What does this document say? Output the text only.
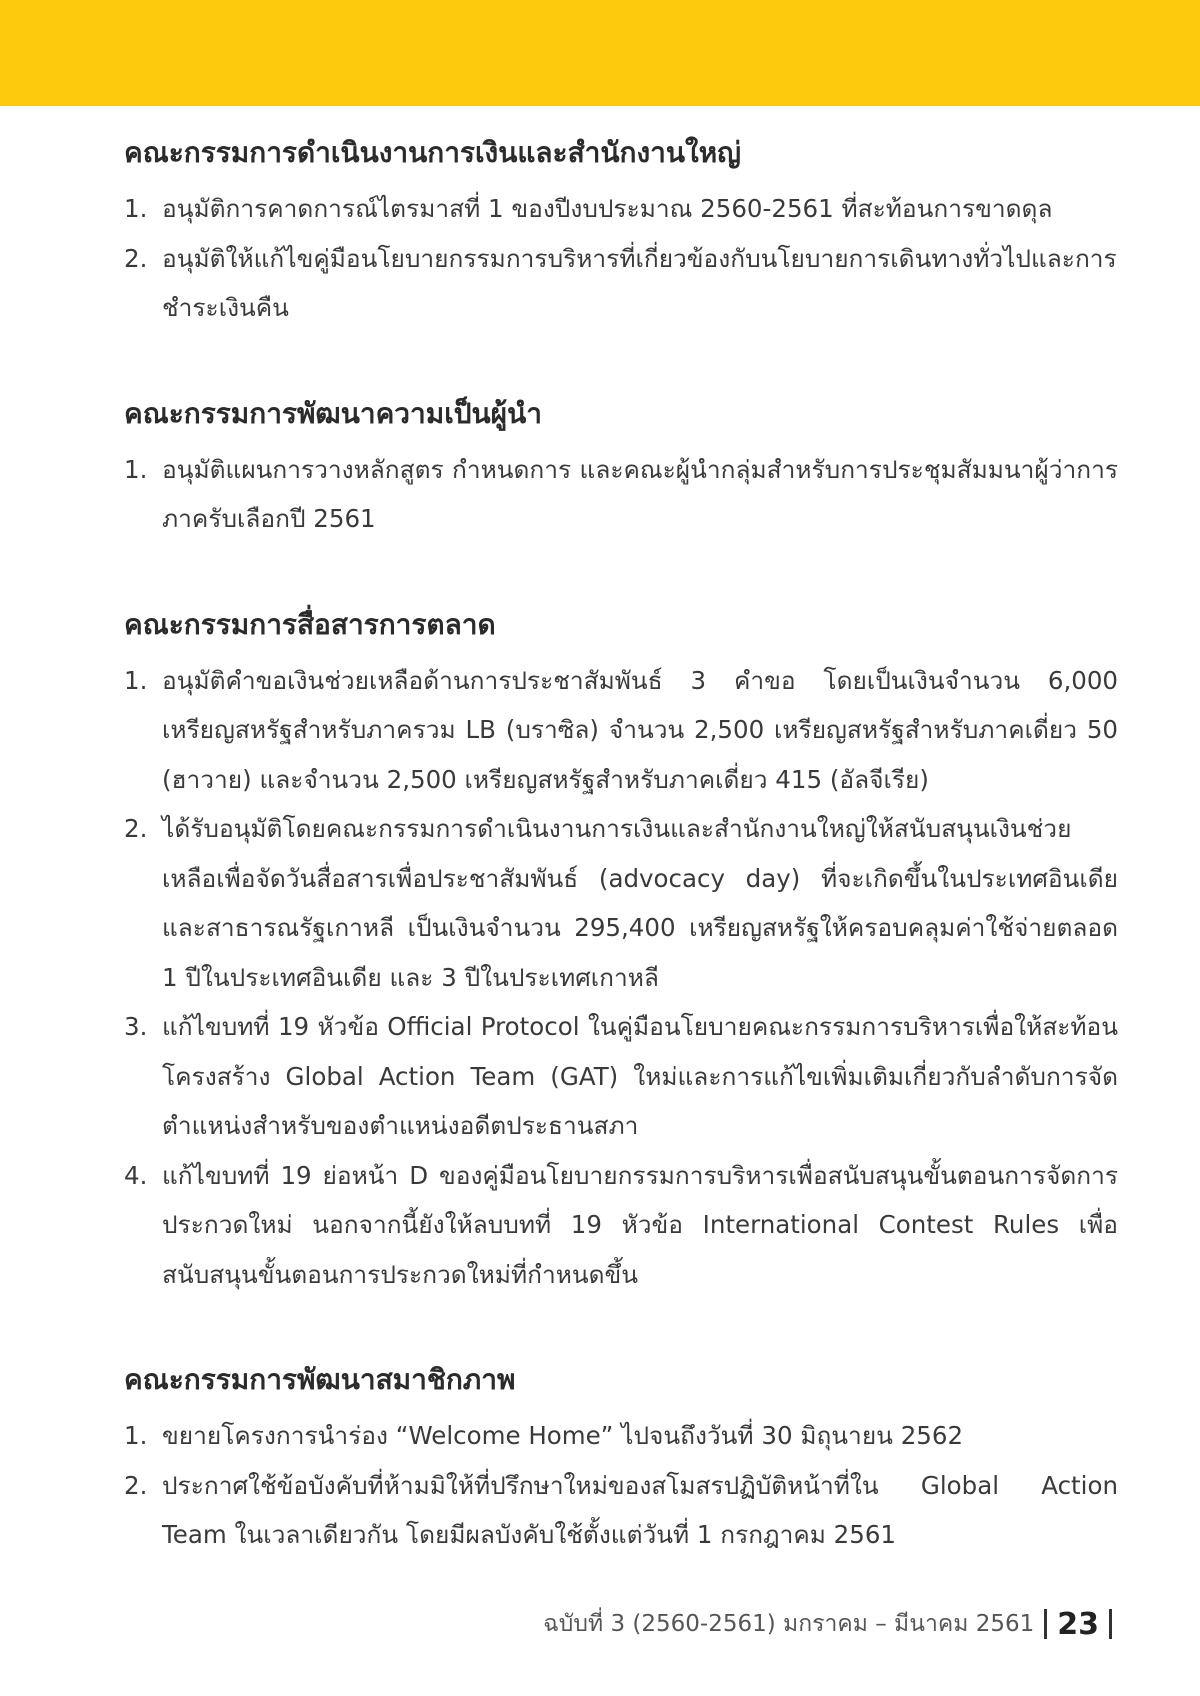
คณะกรรมการดำเนินงานการเงินและสำนักงานใหญ่
1. อนุมัติการคาดการณ์ไตรมาสที่ 1 ของปีงบประมาณ 2560-2561 ที่สะท้อนการขาดดุล
2. อนุมัติให้แก้ไขคู่มือนโยบายกรรมการบริหารที่เกี่ยวข้องกับนโยบายการเดินทางทั่วไปและการชำระเงินคืน
คณะกรรมการพัฒนาความเป็นผู้นำ
1. อนุมัติแผนการวางหลักสูตร กำหนดการ และคณะผู้นำกลุ่มสำหรับการประชุมสัมมนาผู้ว่าการภาครับเลือกปี 2561
คณะกรรมการสื่อสารการตลาด
1. อนุมัติคำขอเงินช่วยเหลือด้านการประชาสัมพันธ์ 3 คำขอ โดยเป็นเงินจำนวน 6,000 เหรียญสหรัฐสำหรับภาครวม LB (บราซิล) จำนวน 2,500 เหรียญสหรัฐสำหรับภาคเดี่ยว 50 (ฮาวาย) และจำนวน 2,500 เหรียญสหรัฐสำหรับภาคเดี่ยว 415 (อัลจีเรีย)
2. ได้รับอนุมัติโดยคณะกรรมการดำเนินงานการเงินและสำนักงานใหญ่ให้สนับสนุนเงินช่วยเหลือเพื่อจัดวันสื่อสารเพื่อประชาสัมพันธ์ (advocacy day) ที่จะเกิดขึ้นในประเทศอินเดียและสาธารณรัฐเกาหลี เป็นเงินจำนวน 295,400 เหรียญสหรัฐให้ครอบคลุมค่าใช้จ่ายตลอด 1 ปีในประเทศอินเดีย และ 3 ปีในประเทศเกาหลี
3. แก้ไขบทที่ 19 หัวข้อ Official Protocol ในคู่มือนโยบายคณะกรรมการบริหารเพื่อให้สะท้อนโครงสร้าง Global Action Team (GAT) ใหม่และการแก้ไขเพิ่มเติมเกี่ยวกับลำดับการจัดตำแหน่งสำหรับของตำแหน่งอดีตประธานสภา
4. แก้ไขบทที่ 19 ย่อหน้า D ของคู่มือนโยบายกรรมการบริหารเพื่อสนับสนุนขั้นตอนการจัดการประกวดใหม่ นอกจากนี้ยังให้ลบบทที่ 19 หัวข้อ International Contest Rules เพื่อสนับสนุนขั้นตอนการประกวดใหม่ที่กำหนดขึ้น
คณะกรรมการพัฒนาสมาชิกภาพ
1. ขยายโครงการนำร่อง “Welcome Home” ไปจนถึงวันที่ 30 มิถุนายน 2562
2. ประกาศใช้ข้อบังคับที่ห้ามมิให้ที่ปรึกษาใหม่ของสโมสรปฏิบัติหน้าที่ใน Global Action Team ในเวลาเดียวกัน โดยมีผลบังคับใช้ตั้งแต่วันที่ 1 กรกฎาคม 2561
ฉบับที่ 3 (2560-2561) มกราคม – มีนาคม 2561 23
